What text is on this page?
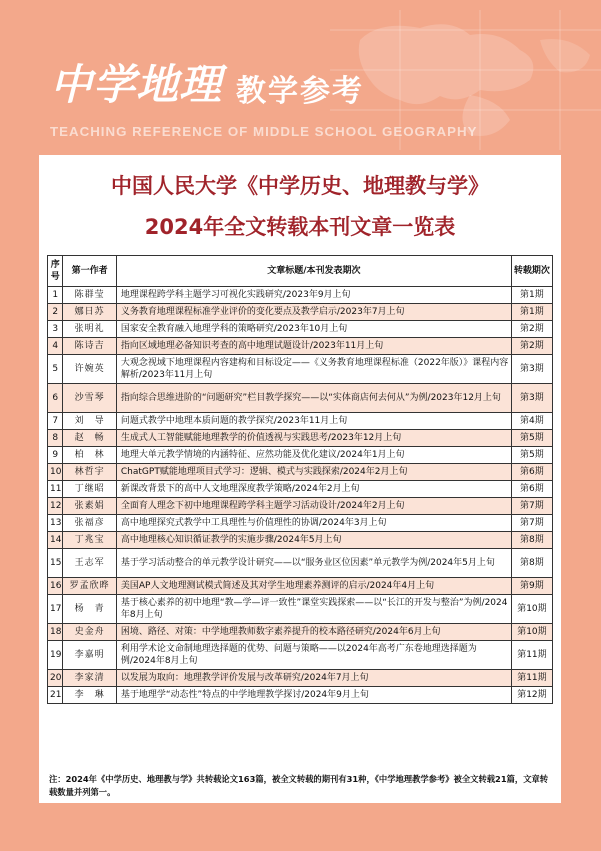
中学地理 教学参考
TEACHING REFERENCE OF MIDDLE SCHOOL GEOGRAPHY
中国人民大学《中学历史、地理教与学》
2024年全文转载本刊文章一览表
序号	第一作者	文章标题/本刊发表期次	转载期次
1	陈群莹	地理课程跨学科主题学习可视化实践研究/2023年9月上旬	第1期
2	娜日苏	义务教育地理课程标准学业评价的变化要点及教学启示/2023年7月上旬	第1期
3	张明礼	国家安全教育融入地理学科的策略研究/2023年10月上旬	第2期
4	陈诗吉	指向区域地理必备知识考查的高中地理试题设计/2023年11月上旬	第2期
5	许婉英	大观念视域下地理课程内容建构和目标设定——《义务教育地理课程标准（2022年版）》课程内容解析/2023年11月上旬	第3期
6	沙雪琴	指向综合思维进阶的“问题研究”栏目教学探究——以“实体商店何去何从”为例/2023年12月上旬	第3期
7	刘　导	问题式教学中地理本质问题的教学探究/2023年11月上旬	第4期
8	赵　畅	生成式人工智能赋能地理教学的价值透视与实践思考/2023年12月上旬	第5期
9	柏　林	地理大单元教学情境的内涵特征、应然功能及优化建议/2024年1月上旬	第5期
10	林哲宇	ChatGPT赋能地理项目式学习：逻辑、模式与实践探索/2024年2月上旬	第6期
11	丁继昭	新课改背景下的高中人文地理深度教学策略/2024年2月上旬	第6期
12	张素娟	全面育人理念下初中地理课程跨学科主题学习活动设计/2024年2月上旬	第7期
13	张福彦	高中地理探究式教学中工具理性与价值理性的协调/2024年3月上旬	第7期
14	丁兆宝	高中地理核心知识循证教学的实施步骤/2024年5月上旬	第8期
15	王志军	基于学习活动整合的单元教学设计研究——以“服务业区位因素”单元教学为例/2024年5月上旬	第8期
16	罗孟欣晔	美国AP人文地理测试模式简述及其对学生地理素养测评的启示/2024年4月上旬	第9期
17	杨　青	基于核心素养的初中地理“教—学—评一致性”课堂实践探索——以“长江的开发与整治”为例/2024年8月上旬	第10期
18	史金舟	困境、路径、对策：中学地理教师数字素养提升的校本路径研究/2024年6月上旬	第10期
19	李嘉明	利用学术论文命制地理选择题的优势、问题与策略——以2024年高考广东卷地理选择题为例/2024年8月上旬	第11期
20	李家清	以发展为取向：地理教学评价发展与改革研究/2024年7月上旬	第11期
21	李　琳	基于地理学“动态性”特点的中学地理教学探讨/2024年9月上旬	第12期
注：2024年《中学历史、地理教与学》共转载论文163篇，被全文转载的期刊有31种，《中学地理教学参考》被全文转载21篇，文章转载数量并列第一。
